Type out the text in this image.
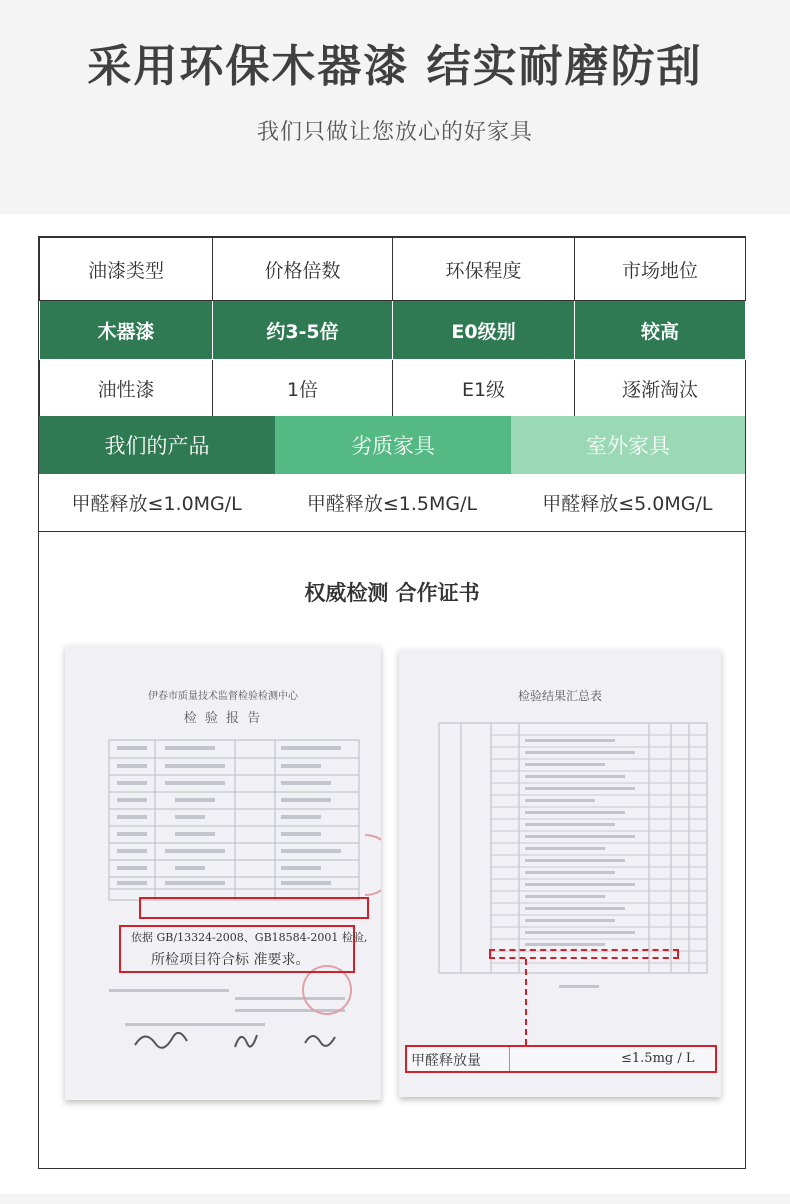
采用环保木器漆 结实耐磨防刮

我们只做让您放心的好家具

油漆类型	价格倍数	环保程度	市场地位
木器漆	约3-5倍	E0级别	较高
油性漆	1倍	E1级	逐渐淘汰
我们的产品	劣质家具	室外家具
甲醛释放≤1.0MG/L	甲醛释放≤1.5MG/L	甲醛释放≤5.0MG/L
权威检测 合作证书
伊春市质量技术监督检验检测中心
检 验 报 告
依据 GB/13324-2008、GB18584-2001 检验,
所检项目符合标 准要求。
检验结果汇总表
甲醛释放量	≤1.5mg / L
